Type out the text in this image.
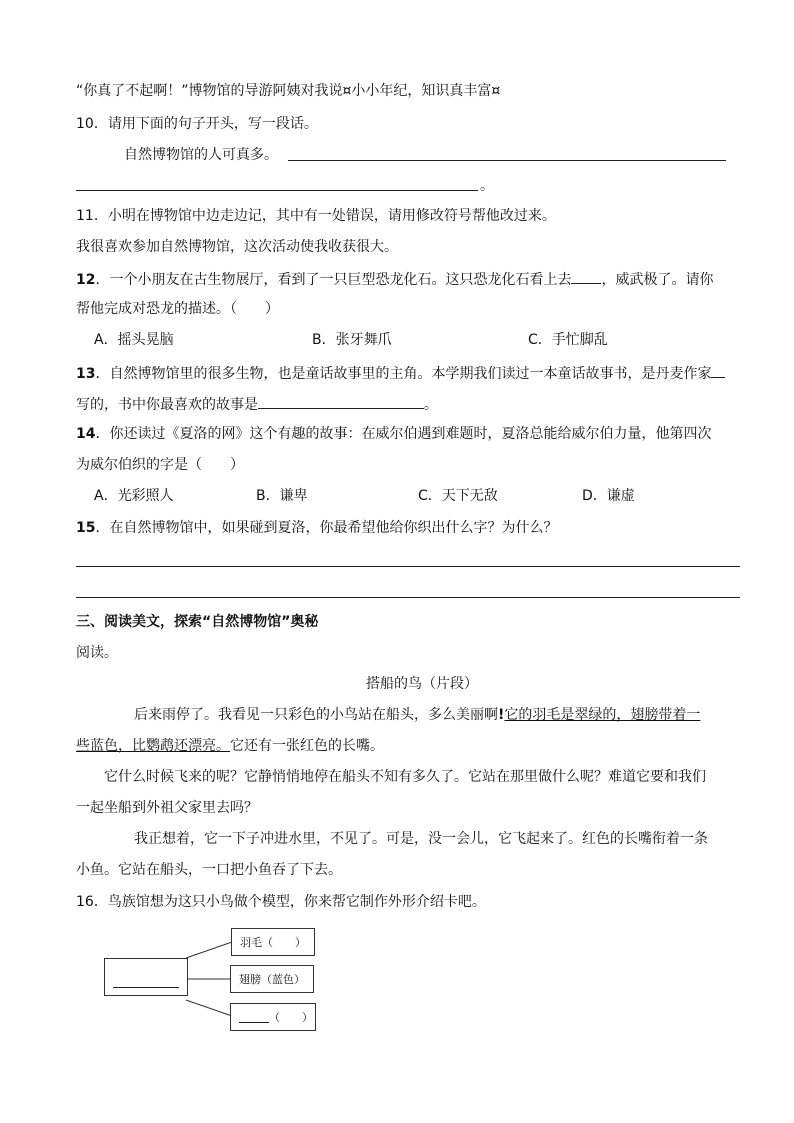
“你真了不起啊！”博物馆的导游阿姨对我说¤小小年纪，知识真丰富¤
10．请用下面的句子开头，写一段话。
自然博物馆的人可真多。
。
11．小明在博物馆中边走边记，其中有一处错误，请用修改符号帮他改过来。
我很喜欢参加自然博物馆，这次活动使我收获很大。
12．一个小朋友在古生物展厅，看到了一只巨型恐龙化石。这只恐龙化石看上去 ，威武极了。请你
帮他完成对恐龙的描述。（　　）
A．摇头晃脑	B．张牙舞爪	C．手忙脚乱
13．自然博物馆里的很多生物，也是童话故事里的主角。本学期我们读过一本童话故事书，是丹麦作家
写的，书中你最喜欢的故事是	。
14．你还读过《夏洛的网》这个有趣的故事：在威尔伯遇到难题时，夏洛总能给威尔伯力量，他第四次
为威尔伯织的字是（　　）
A．光彩照人	B．谦卑	C．天下无敌	D．谦虚
15．在自然博物馆中，如果碰到夏洛，你最希望他给你织出什么字？为什么？
三、阅读美文，探索“自然博物馆”奥秘
阅读。
搭船的鸟（片段）
后来雨停了。我看见一只彩色的小鸟站在船头，多么美丽啊!它的羽毛是翠绿的，翅膀带着一
些蓝色，比鹦鹉还漂亮。它还有一张红色的长嘴。
它什么时候飞来的呢？它静悄悄地停在船头不知有多久了。它站在那里做什么呢？难道它要和我们
一起坐船到外祖父家里去吗？
我正想着，它一下子冲进水里，不见了。可是，没一会儿，它飞起来了。红色的长嘴衔着一条
小鱼。它站在船头，一口把小鱼吞了下去。
16．鸟族馆想为这只小鸟做个模型，你来帮它制作外形介绍卡吧。
羽毛（　　）
翅膀（蓝色）
（　　）
